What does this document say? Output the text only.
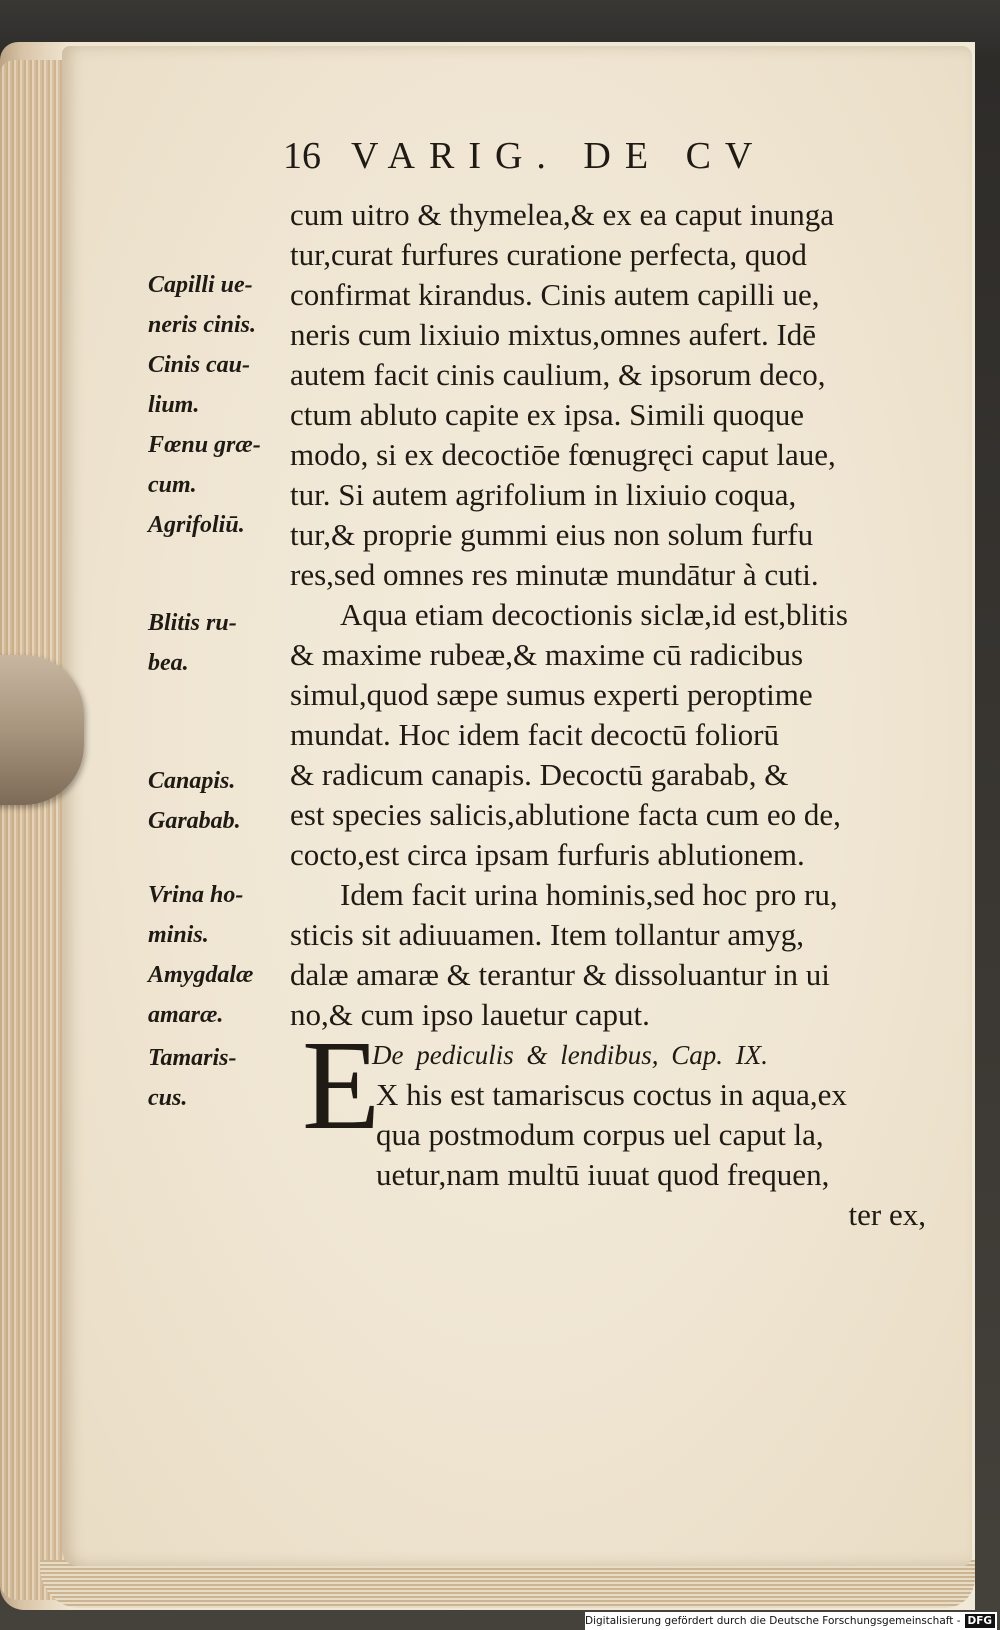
16 VARIG. DE CV
cum uitro & thymelea,& ex ea caput inunga
tur,curat furfures curatione perfecta, quod
confirmat kirandus. Cinis autem capilli ue,
neris cum lixiuio mixtus,omnes aufert. Idē
autem facit cinis caulium, & ipsorum deco,
ctum abluto capite ex ipsa. Simili quoque
modo, si ex decoctiōe fœnugręci caput laue,
tur. Si autem agrifolium in lixiuio coqua,
tur,& proprie gummi eius non solum furfu
res,sed omnes res minutæ mundātur à cuti.
Aqua etiam decoctionis siclæ,id est,blitis
& maxime rubeæ,& maxime cū radicibus
simul,quod sæpe sumus experti peroptime
mundat. Hoc idem facit decoctū foliorū
& radicum canapis. Decoctū garabab, &
est species salicis,ablutione facta cum eo de,
cocto,est circa ipsam furfuris ablutionem.
Idem facit urina hominis,sed hoc pro ru,
sticis sit adiuuamen. Item tollantur amyg,
dalæ amaræ & terantur & dissoluantur in ui
no,& cum ipso lauetur caput.
De pediculis & lendibus, Cap. IX.
X his est tamariscus coctus in aqua,ex
qua postmodum corpus uel caput la,
uetur,nam multū iuuat quod frequen,
ter ex,
E
Capilli ue-
neris cinis.
Cinis cau-
lium.
Fœnu græ-
cum.
Agrifoliū.
Blitis ru-
bea.
Canapis.
Garabab.
Vrina ho-
minis.
Amygdalæ
amaræ.
Tamaris-
cus.
Digitalisierung gefördert durch die Deutsche Forschungsgemeinschaft - DFG
